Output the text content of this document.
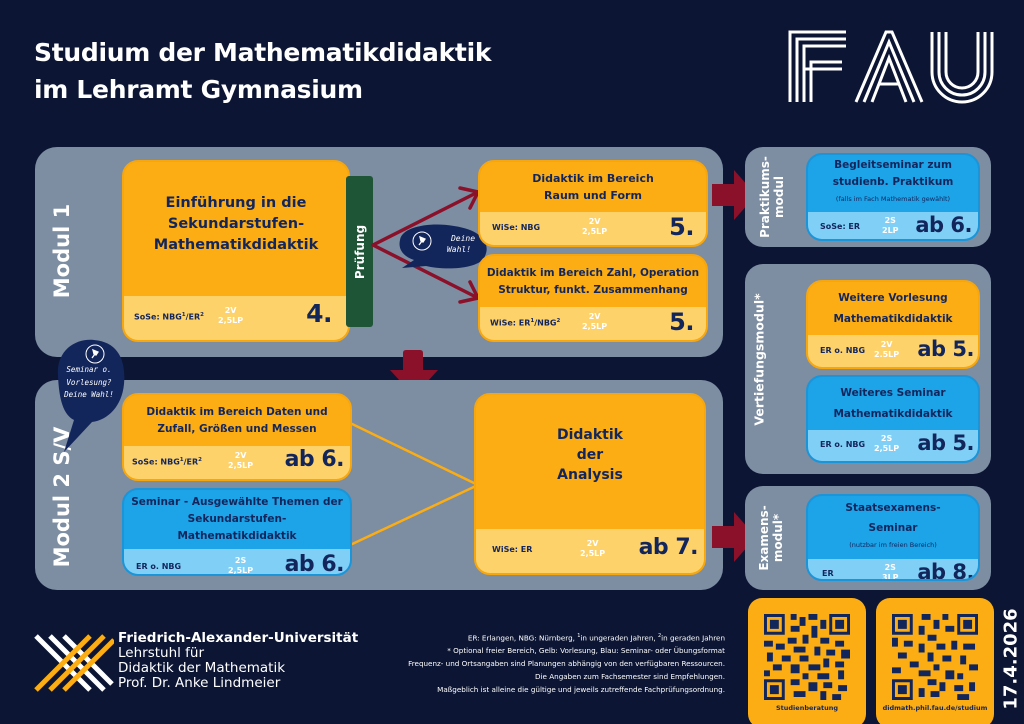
Studium der Mathematikdidaktik
im Lehramt Gymnasium
Modul 1
Einführung in die
Sekundarstufen-
Mathematikdidaktik
SoSe: $NBG^1/ER^2$	2V
2,5LP	4.
Prüfung	Deine
Wahl!
Didaktik im Bereich
Raum und Form
WiSe: NBG
2V
2,5LP	5.
Didaktik im Bereich Zahl, Operation
Struktur, funkt. Zusammenhang
WiSe: $ER^1/NBG^2$	2V
2,5LP	5.
Modul 2 S/V
Seminar o.
Vorlesung?
Deine Wahl!
Didaktik im Bereich Daten und
Zufall, Größen und Messen
SoSe: $NBG^1/ER^2$	2V
2,5LP ab 6.
Seminar - Ausgewählte Themen der
Sekundarstufen-Mathematikdidaktik
ER o. NBG
2S
2,5LP ab 6.
Didaktik
der
Analysis
WiSe: ER
2V
2,5LP ab 7.
Praktikums- modul
Begleitseminar zum
studienb. Praktikum
(falls im Fach Mathematik gewählt)
SoSe: ER
2S
2LP ab 6.
Vertiefungsmodul*	Weitere Vorlesung
Mathematikdidaktik
ER o. NBG
2V
2.5LP ab 5.
Weiteres Seminar
Mathematikdidaktik
ER o. NBG
2S
2,5LP ab 5.
Examens- modul*
Staatsexamens-
Seminar
(nutzbar im freien Bereich)
ER
2S
3LP ab 8.
Friedrich-Alexander-Universität
Lehrstuhl für
Didaktik der Mathematik
Prof. Dr. Anke Lindmeier
ER: Erlangen, NBG: Nürnberg, $^1$in ungeraden Jahren, $^2$in geraden Jahren
* Optional freier Bereich, Gelb: Vorlesung, Blau: Seminar- oder Übungsformat
Frequenz- und Ortsangaben sind Planungen abhängig von den verfügbaren Ressourcen.
Die Angaben zum Fachsemester sind Empfehlungen.
Maßgeblich ist alleine die gültige und jeweils zutreffende Fachprüfungsordnung.
Studienberatung	didmath.phil.fau.de/studium 17.4.2026
